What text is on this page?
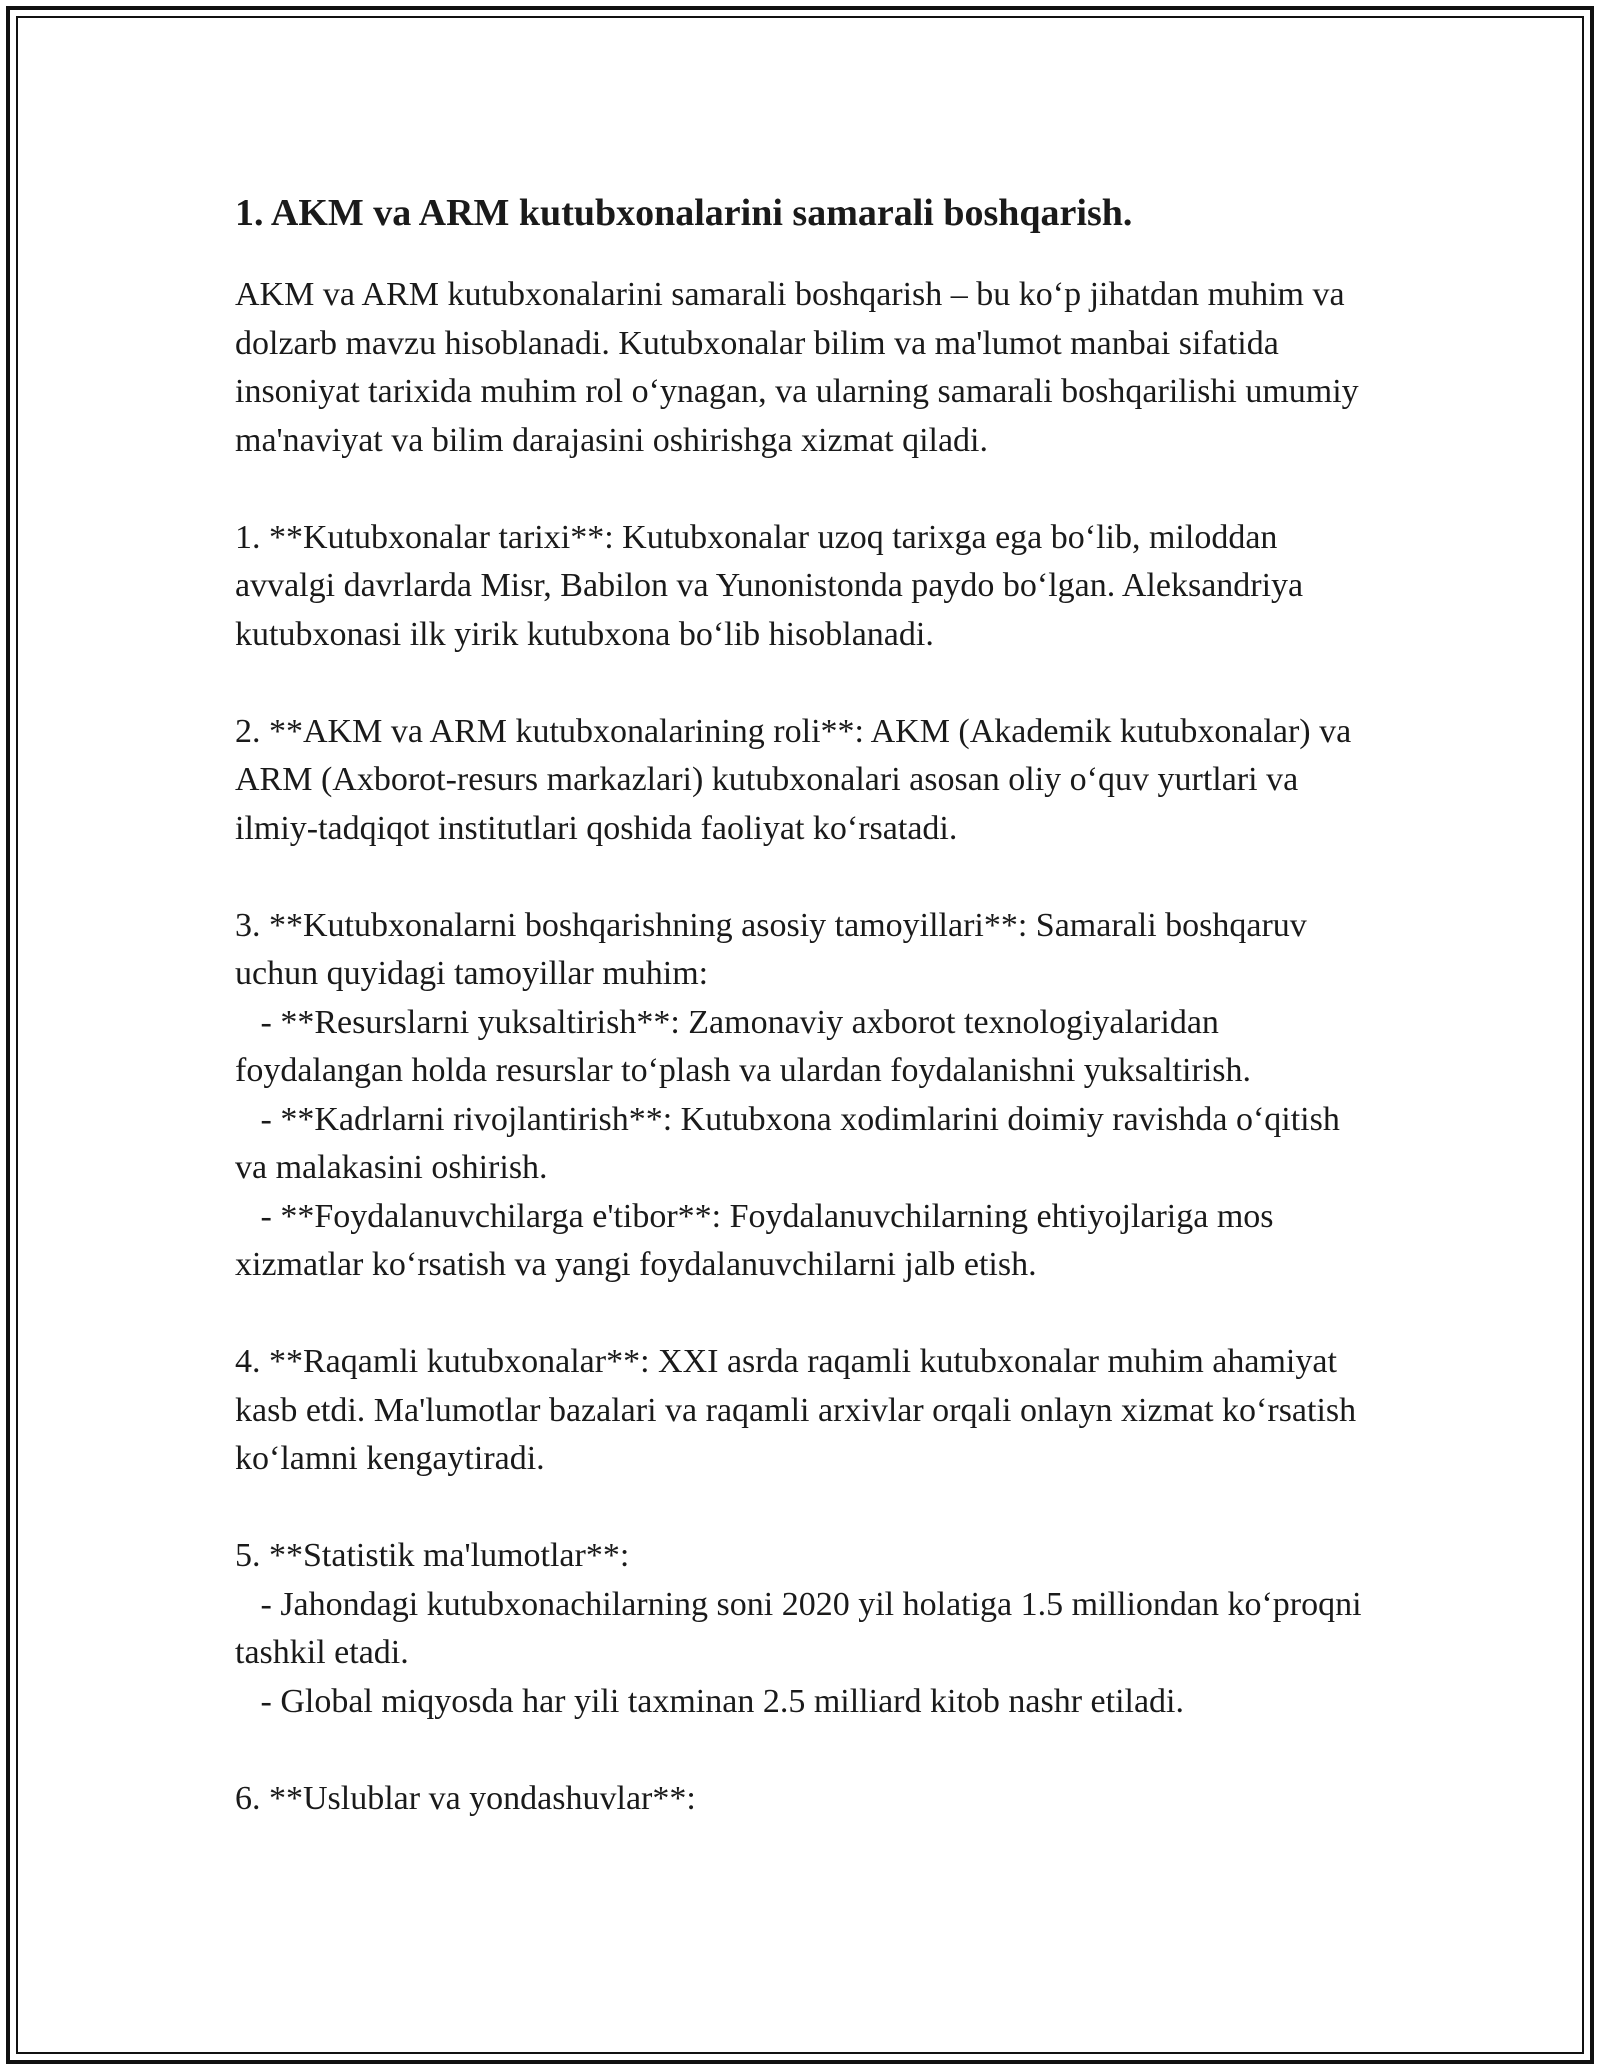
1. AKM va ARM kutubxonalarini samarali boshqarish.

AKM va ARM kutubxonalarini samarali boshqarish – bu koʻp jihatdan muhim va dolzarb mavzu hisoblanadi. Kutubxonalar bilim va ma'lumot manbai sifatida insoniyat tarixida muhim rol oʻynagan, va ularning samarali boshqarilishi umumiy ma'naviyat va bilim darajasini oshirishga xizmat qiladi.

1. **Kutubxonalar tarixi**: Kutubxonalar uzoq tarixga ega boʻlib, miloddan avvalgi davrlarda Misr, Babilon va Yunonistonda paydo boʻlgan. Aleksandriya kutubxonasi ilk yirik kutubxona boʻlib hisoblanadi.

2. **AKM va ARM kutubxonalarining roli**: AKM (Akademik kutubxonalar) va ARM (Axborot-resurs markazlari) kutubxonalari asosan oliy oʻquv yurtlari va ilmiy-tadqiqot institutlari qoshida faoliyat koʻrsatadi.

3. **Kutubxonalarni boshqarishning asosiy tamoyillari**: Samarali boshqaruv uchun quyidagi tamoyillar muhim:
- **Resurslarni yuksaltirish**: Zamonaviy axborot texnologiyalaridan foydalangan holda resurslar toʻplash va ulardan foydalanishni yuksaltirish.
- **Kadrlarni rivojlantirish**: Kutubxona xodimlarini doimiy ravishda oʻqitish va malakasini oshirish.
- **Foydalanuvchilarga e'tibor**: Foydalanuvchilarning ehtiyojlariga mos xizmatlar koʻrsatish va yangi foydalanuvchilarni jalb etish.

4. **Raqamli kutubxonalar**: XXI asrda raqamli kutubxonalar muhim ahamiyat kasb etdi. Ma'lumotlar bazalari va raqamli arxivlar orqali onlayn xizmat koʻrsatish koʻlamni kengaytiradi.

5. **Statistik ma'lumotlar**:
- Jahondagi kutubxonachilarning soni 2020 yil holatiga 1.5 milliondan koʻproqni tashkil etadi.
- Global miqyosda har yili taxminan 2.5 milliard kitob nashr etiladi.

6. **Uslublar va yondashuvlar**:
